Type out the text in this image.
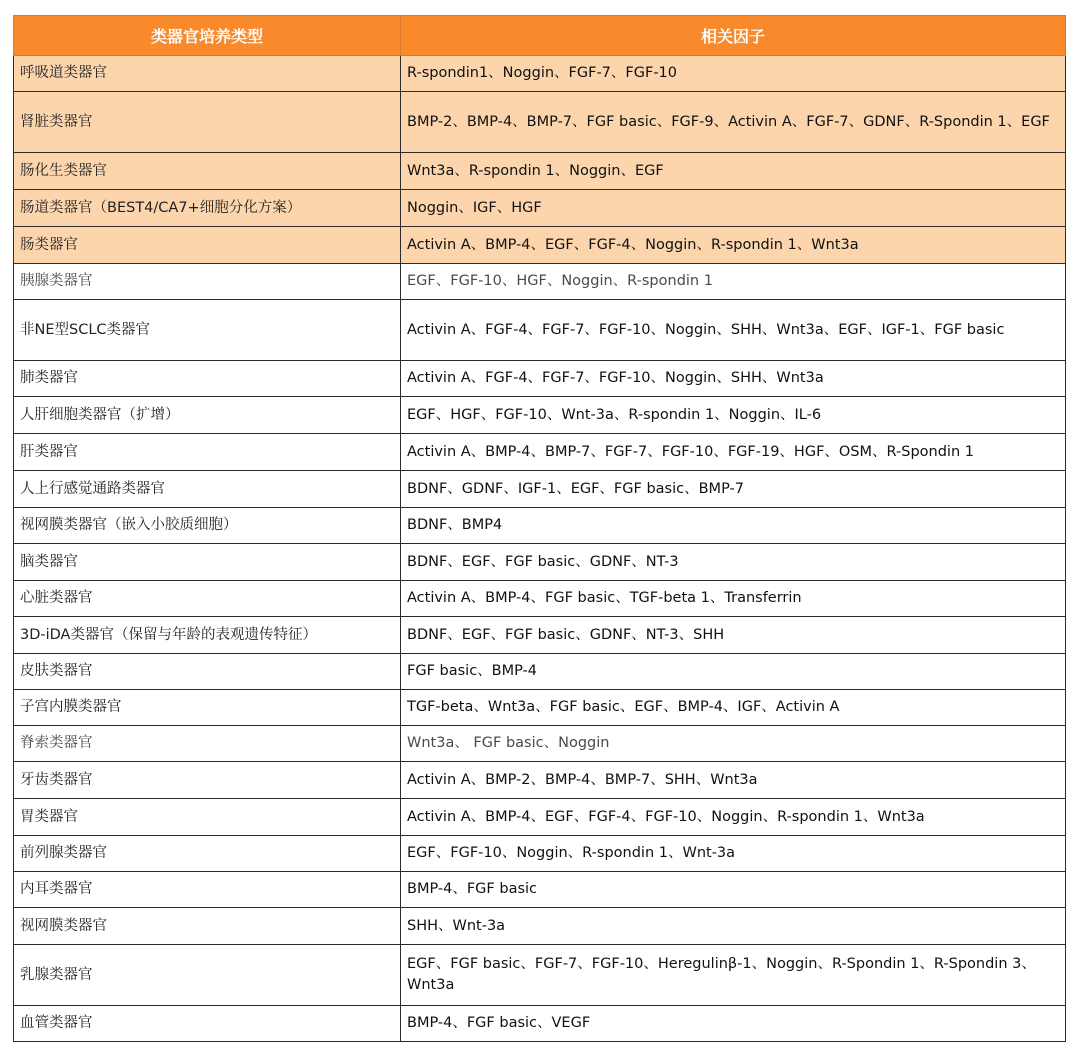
类器官培养类型	相关因子
呼吸道类器官	R-spondin1、Noggin、FGF-7、FGF-10
肾脏类器官	BMP-2、BMP-4、BMP-7、FGF basic、FGF-9、Activin A、FGF-7、GDNF、R-Spondin 1、EGF
肠化生类器官	Wnt3a、R-spondin 1、Noggin、EGF
肠道类器官（BEST4/CA7+细胞分化方案）	Noggin、IGF、HGF
肠类器官	Activin A、BMP-4、EGF、FGF-4、Noggin、R-spondin 1、Wnt3a
胰腺类器官	EGF、FGF-10、HGF、Noggin、R-spondin 1
非NE型SCLC类器官	Activin A、FGF-4、FGF-7、FGF-10、Noggin、SHH、Wnt3a、EGF、IGF-1、FGF basic
肺类器官	Activin A、FGF-4、FGF-7、FGF-10、Noggin、SHH、Wnt3a
人肝细胞类器官（扩增）	EGF、HGF、FGF-10、Wnt-3a、R-spondin 1、Noggin、IL-6
肝类器官	Activin A、BMP-4、BMP-7、FGF-7、FGF-10、FGF-19、HGF、OSM、R-Spondin 1
人上行感觉通路类器官	BDNF、GDNF、IGF-1、EGF、FGF basic、BMP-7
视网膜类器官（嵌入小胶质细胞）	BDNF、BMP4
脑类器官	BDNF、EGF、FGF basic、GDNF、NT-3
心脏类器官	Activin A、BMP-4、FGF basic、TGF-beta 1、Transferrin
3D-iDA类器官（保留与年龄的表观遗传特征）	BDNF、EGF、FGF basic、GDNF、NT-3、SHH
皮肤类器官	FGF basic、BMP-4
子宫内膜类器官	TGF-beta、Wnt3a、FGF basic、EGF、BMP-4、IGF、Activin A
脊索类器官	Wnt3a、 FGF basic、Noggin
牙齿类器官	Activin A、BMP-2、BMP-4、BMP-7、SHH、Wnt3a
胃类器官	Activin A、BMP-4、EGF、FGF-4、FGF-10、Noggin、R-spondin 1、Wnt3a
前列腺类器官	EGF、FGF-10、Noggin、R-spondin 1、Wnt-3a
内耳类器官	BMP-4、FGF basic
视网膜类器官	SHH、Wnt-3a
乳腺类器官	EGF、FGF basic、FGF-7、FGF-10、Heregulinβ-1、Noggin、R-Spondin 1、R-Spondin 3、Wnt3a
血管类器官	BMP-4、FGF basic、VEGF
